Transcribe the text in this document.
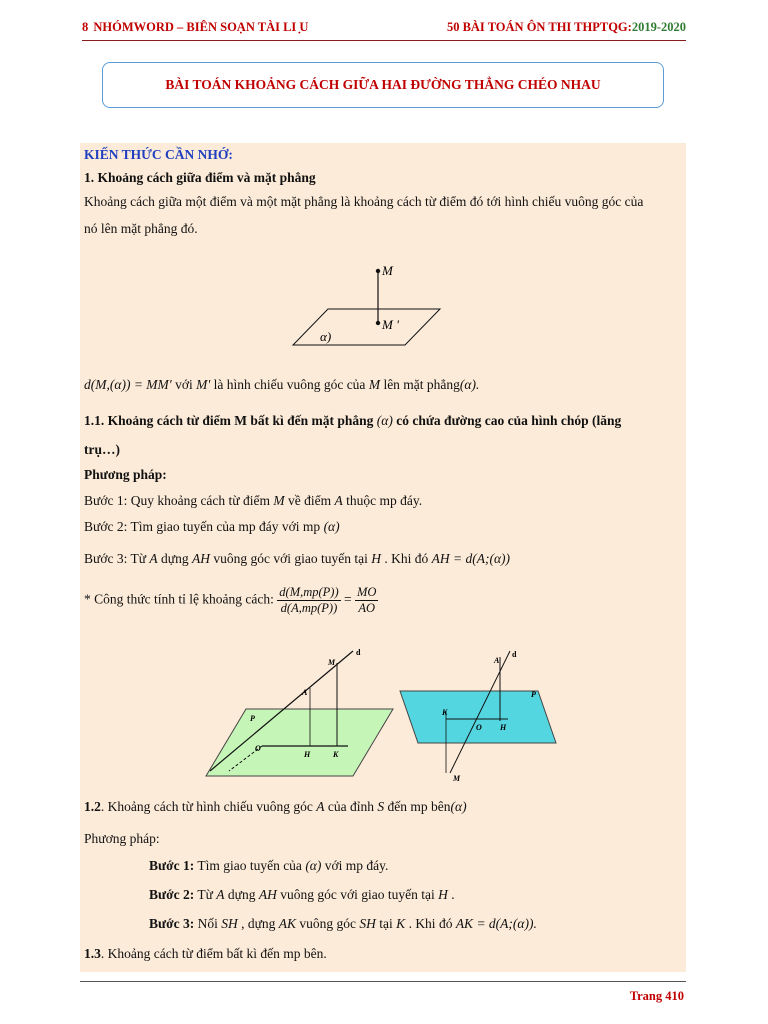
8 NHÓMWORD – BIÊN SOẠN TÀI LI ̣U	50 BÀI TOÁN ÔN THI THPTQG:2019-2020
BÀI TOÁN KHOẢNG CÁCH GIỮA HAI ĐƯỜNG THẲNG CHÉO NHAU
KIẾN THỨC CẦN NHỚ:
1. Khoảng cách giữa điểm và mặt phẳng
Khoảng cách giữa một điểm và một mặt phẳng là khoảng cách từ điểm đó tới hình chiếu vuông góc của
nó lên mặt phẳng đó.
M
M '
α)
d(M,(α)) = MM' với M' là hình chiếu vuông góc của M lên mặt phẳng(α).
1.1. Khoảng cách từ điểm M bất kì đến mặt phẳng (α) có chứa đường cao của hình chóp (lăng
trụ…)
Phương pháp:
Bước 1: Quy khoảng cách từ điểm M về điểm A thuộc mp đáy.
Bước 2: Tìm giao tuyến của mp đáy với mp (α)
Bước 3: Từ A dựng AH vuông góc với giao tuyến tại H . Khi đó AH = d(A;(α))
* Công thức tính tỉ lệ khoảng cách: $\frac{d(M,mp(P))}{d(A,mp(P))} = \frac{MO}{AO}$
M
d
A
O
H	K
P
A
d
P
K
O H
M
1.2. Khoảng cách từ hình chiếu vuông góc A của đỉnh S đến mp bên(α)
Phương pháp:
Bước 1: Tìm giao tuyến của (α) với mp đáy.
Bước 2: Từ A dựng AH vuông góc với giao tuyến tại H .
Bước 3: Nối SH , dựng AK vuông góc SH tại K . Khi đó AK = d(A;(α)).
1.3. Khoảng cách từ điểm bất kì đến mp bên.
Trang 410
